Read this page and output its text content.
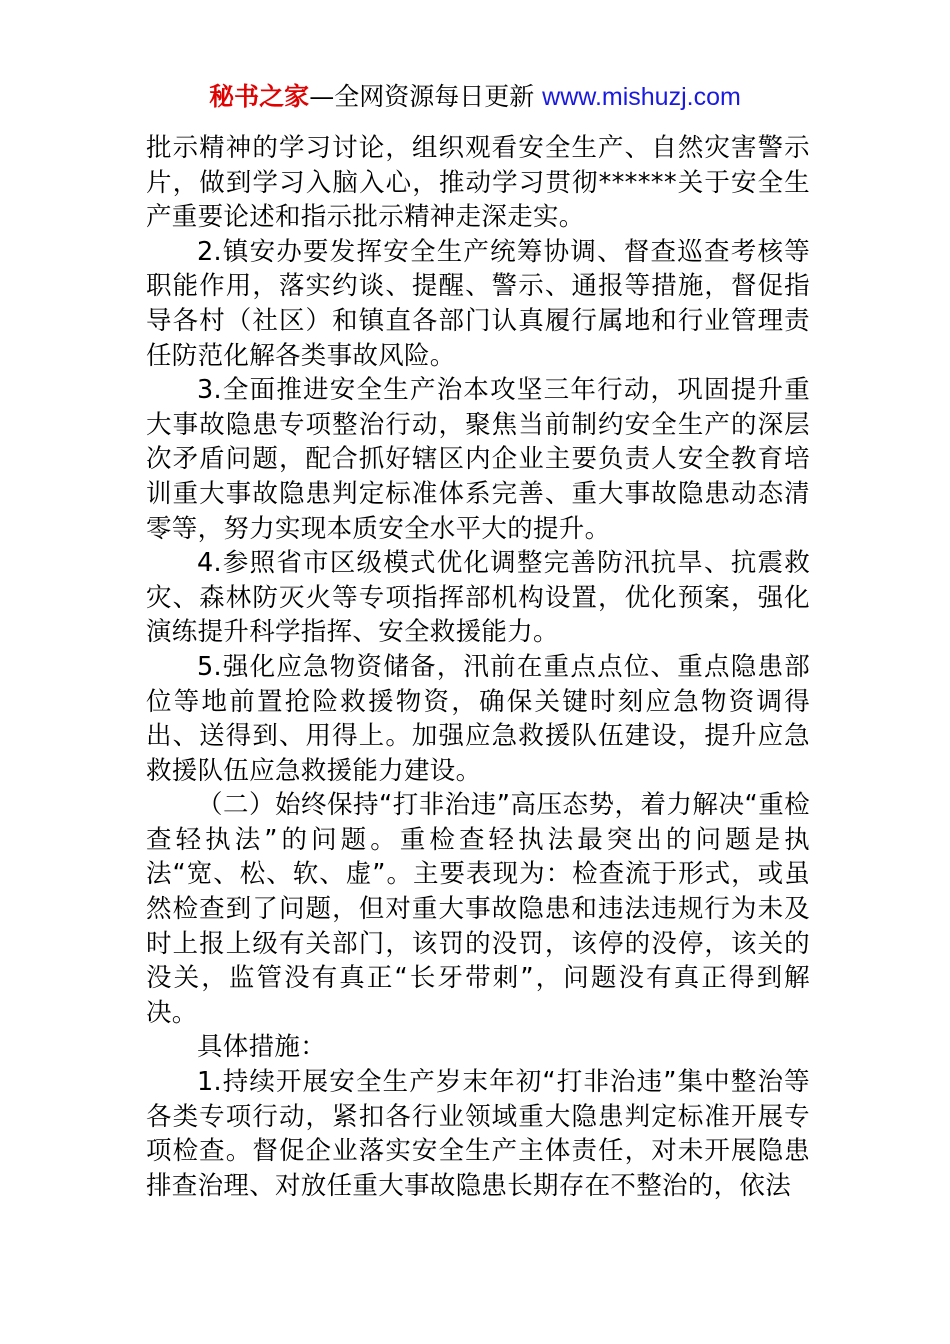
秘书之家—全网资源每日更新 www.mishuzj.com

批示精神的学习讨论，组织观看安全生产、自然灾害警示片，做到学习入脑入心，推动学习贯彻******关于安全生产重要论述和指示批示精神走深走实。

2.镇安办要发挥安全生产统筹协调、督查巡查考核等职能作用，落实约谈、提醒、警示、通报等措施，督促指导各村（社区）和镇直各部门认真履行属地和行业管理责任防范化解各类事故风险。

3.全面推进安全生产治本攻坚三年行动，巩固提升重大事故隐患专项整治行动，聚焦当前制约安全生产的深层次矛盾问题，配合抓好辖区内企业主要负责人安全教育培训重大事故隐患判定标准体系完善、重大事故隐患动态清零等，努力实现本质安全水平大的提升。

4.参照省市区级模式优化调整完善防汛抗旱、抗震救灾、森林防灭火等专项指挥部机构设置，优化预案，强化演练提升科学指挥、安全救援能力。

5.强化应急物资储备，汛前在重点点位、重点隐患部位等地前置抢险救援物资，确保关键时刻应急物资调得出、送得到、用得上。加强应急救援队伍建设，提升应急救援队伍应急救援能力建设。

（二）始终保持“打非治违”高压态势，着力解决“重检查轻执法”的问题。重检查轻执法最突出的问题是执法“宽、松、软、虚”。主要表现为：检查流于形式，或虽然检查到了问题，但对重大事故隐患和违法违规行为未及时上报上级有关部门，该罚的没罚，该停的没停，该关的没关，监管没有真正“长牙带刺”，问题没有真正得到解决。

具体措施：

1.持续开展安全生产岁末年初“打非治违”集中整治等各类专项行动，紧扣各行业领域重大隐患判定标准开展专项检查。督促企业落实安全生产主体责任，对未开展隐患排查治理、对放任重大事故隐患长期存在不整治的，依法
